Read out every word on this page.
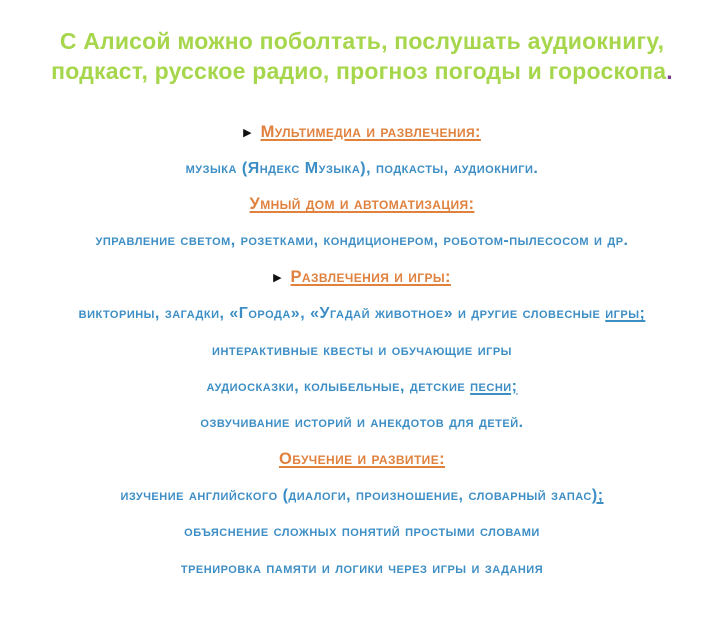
С Алисой можно поболтать, послушать аудиокнигу, подкаст, русское радио, прогноз погоды и гороскопа.
▶ Мультимедиа и развлечения:
музыка (Яндекс Музыка), подкасты, аудиокниги.
Умный дом и автоматизация:
управление светом, розетками, кондиционером, роботом-пылесосом и др.
▶ Развлечения и игры:
викторины, загадки, «Города», «Угадай животное» и другие словесные игры;
интерактивные квесты и обучающие игры
аудиосказки, колыбельные, детские песни;
озвучивание историй и анекдотов для детей.
Обучение и развитие:
изучение английского (диалоги, произношение, словарный запас);
объяснение сложных понятий простыми словами
тренировка памяти и логики через игры и задания
